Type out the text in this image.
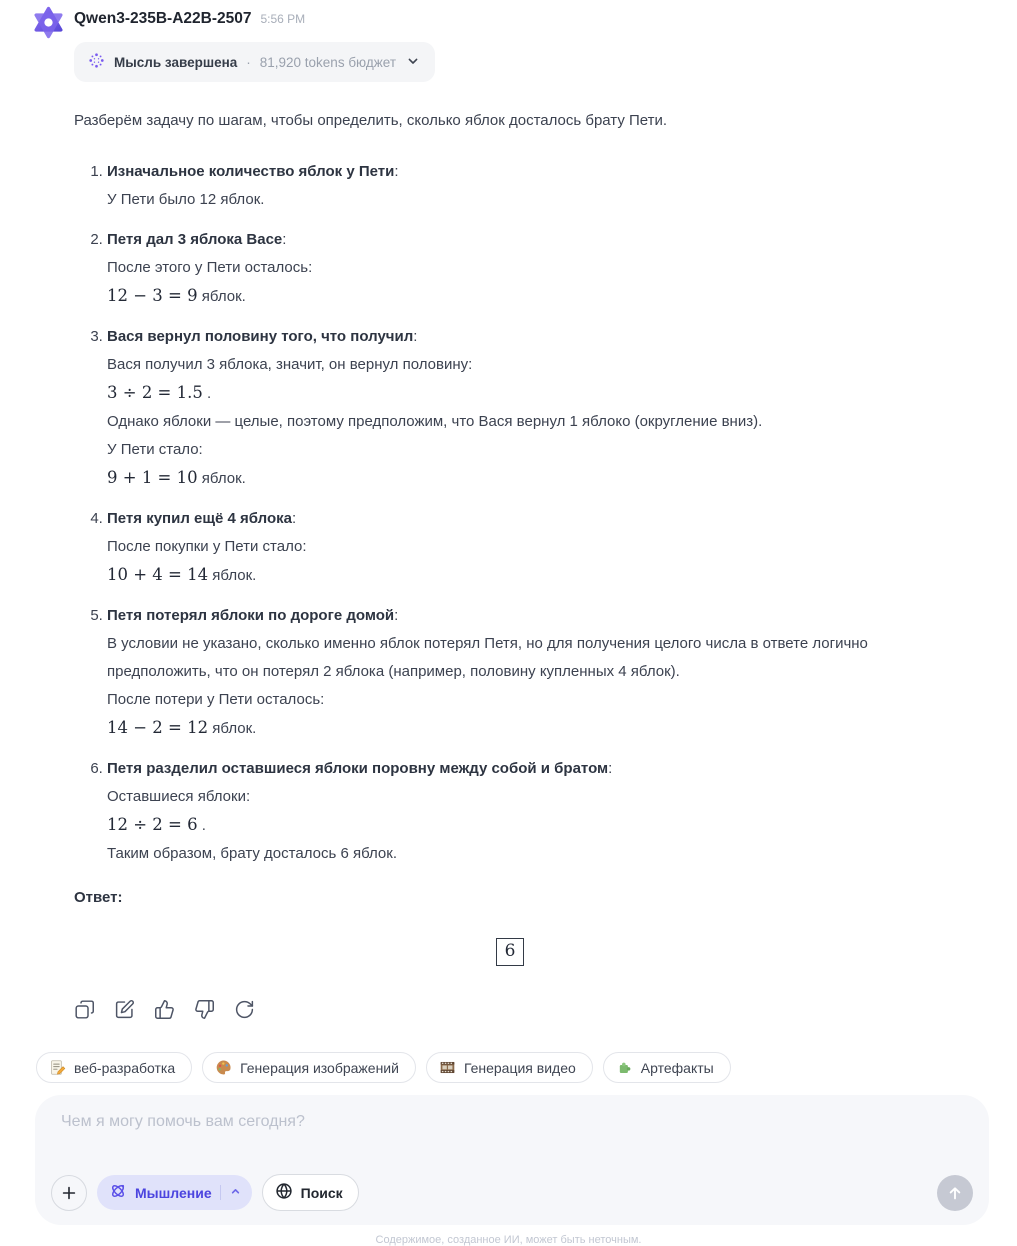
Qwen3-235B-A22B-2507 5:56 PM
Мысль завершена · 81,920 tokens бюджет

Разберём задачу по шагам, чтобы определить, сколько яблок досталось брату Пети.

1. Изначальное количество яблок у Пети:

У Пети было 12 яблок.

2. Петя дал 3 яблока Васе:

После этого у Пети осталось:

12 − 3 = 9 яблок.

3. Вася вернул половину того, что получил:

Вася получил 3 яблока, значит, он вернул половину:

3 ÷ 2 = 1.5 .

Однако яблоки — целые, поэтому предположим, что Вася вернул 1 яблоко (округление вниз).

У Пети стало:

9 + 1 = 10 яблок.

4. Петя купил ещё 4 яблока:

После покупки у Пети стало:

10 + 4 = 14 яблок.

5. Петя потерял яблоки по дороге домой:

В условии не указано, сколько именно яблок потерял Петя, но для получения целого числа в ответе логично предположить, что он потерял 2 яблока (например, половину купленных 4 яблок).

После потери у Пети осталось:

14 − 2 = 12 яблок.

6. Петя разделил оставшиеся яблоки поровну между собой и братом:

Оставшиеся яблоки:

12 ÷ 2 = 6 .

Таким образом, брату досталось 6 яблок.

Ответ:
6
веб-разработка	Генерация изображений	Генерация видео	Артефакты
Чем я могу помочь вам сегодня?
Мышление	Поиск
Содержимое, созданное ИИ, может быть неточным.
